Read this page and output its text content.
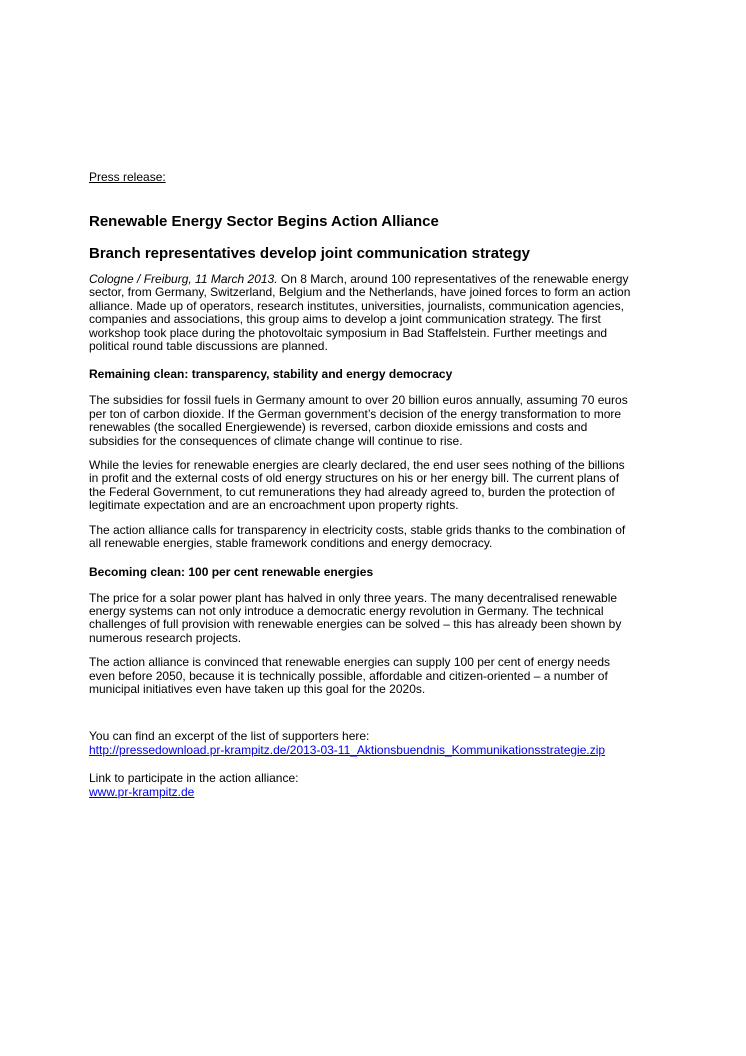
Press release:

Renewable Energy Sector Begins Action Alliance
Branch representatives develop joint communication strategy

Cologne / Freiburg, 11 March 2013. On 8 March, around 100 representatives of the renewable energy
sector, from Germany, Switzerland, Belgium and the Netherlands, have joined forces to form an action
alliance. Made up of operators, research institutes, universities, journalists, communication agencies,
companies and associations, this group aims to develop a joint communication strategy. The first
workshop took place during the photovoltaic symposium in Bad Staffelstein. Further meetings and
political round table discussions are planned.

Remaining clean: transparency, stability and energy democracy

The subsidies for fossil fuels in Germany amount to over 20 billion euros annually, assuming 70 euros
per ton of carbon dioxide. If the German government’s decision of the energy transformation to more
renewables (the socalled Energiewende) is reversed, carbon dioxide emissions and costs and
subsidies for the consequences of climate change will continue to rise.

While the levies for renewable energies are clearly declared, the end user sees nothing of the billions
in profit and the external costs of old energy structures on his or her energy bill. The current plans of
the Federal Government, to cut remunerations they had already agreed to, burden the protection of
legitimate expectation and are an encroachment upon property rights.

The action alliance calls for transparency in electricity costs, stable grids thanks to the combination of
all renewable energies, stable framework conditions and energy democracy.

Becoming clean: 100 per cent renewable energies

The price for a solar power plant has halved in only three years. The many decentralised renewable
energy systems can not only introduce a democratic energy revolution in Germany. The technical
challenges of full provision with renewable energies can be solved – this has already been shown by
numerous research projects.

The action alliance is convinced that renewable energies can supply 100 per cent of energy needs
even before 2050, because it is technically possible, affordable and citizen-oriented – a number of
municipal initiatives even have taken up this goal for the 2020s.

You can find an excerpt of the list of supporters here:
http://pressedownload.pr-krampitz.de/2013-03-11_Aktionsbuendnis_Kommunikationsstrategie.zip

Link to participate in the action alliance:
www.pr-krampitz.de
